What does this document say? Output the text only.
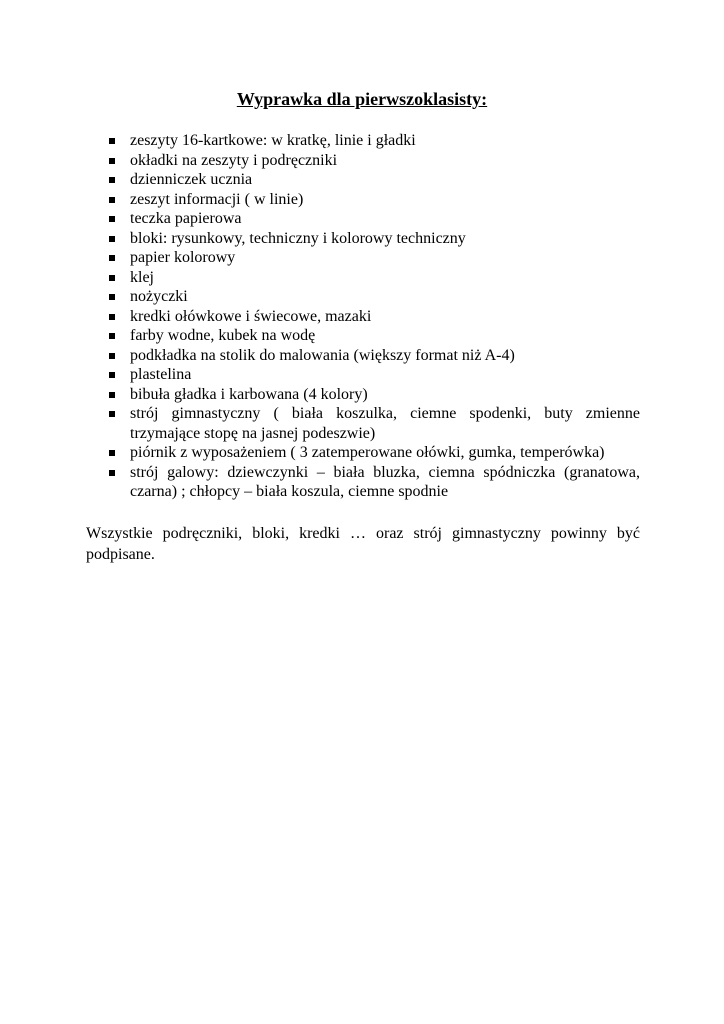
Wyprawka dla pierwszoklasisty:
zeszyty 16-kartkowe: w kratkę, linie i gładki
okładki na zeszyty i podręczniki
dzienniczek ucznia
zeszyt informacji ( w linie)
teczka papierowa
bloki: rysunkowy, techniczny i kolorowy techniczny
papier kolorowy
klej
nożyczki
kredki ołówkowe i świecowe, mazaki
farby wodne, kubek na wodę
podkładka na stolik do malowania (większy format niż A-4)
plastelina
bibuła gładka i karbowana (4 kolory)
strój gimnastyczny ( biała koszulka, ciemne spodenki, buty zmienne trzymające stopę na jasnej podeszwie)
piórnik z wyposażeniem ( 3 zatemperowane ołówki, gumka, temperówka)
strój galowy: dziewczynki – biała bluzka, ciemna spódniczka (granatowa, czarna) ; chłopcy – biała koszula, ciemne spodnie

Wszystkie podręczniki, bloki, kredki … oraz strój gimnastyczny powinny być podpisane.
